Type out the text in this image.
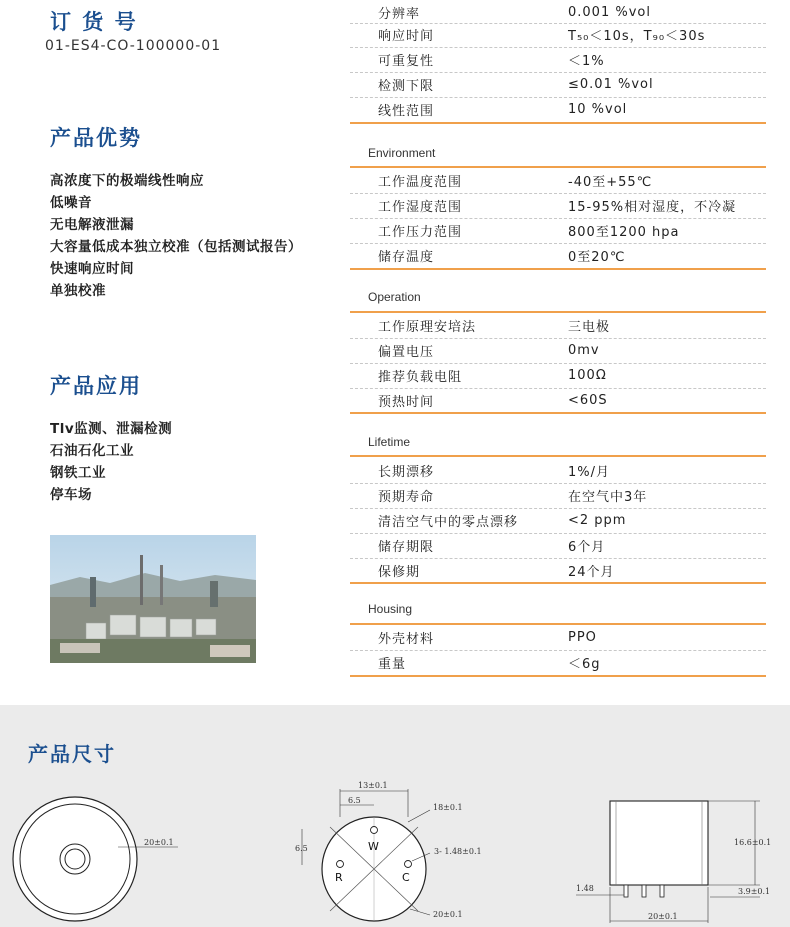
订 货 号
01-ES4-CO-100000-01
产品优势
高浓度下的极端线性响应
低噪音
无电解液泄漏
大容量低成本独立校准（包括测试报告）
快速响应时间
单独校准
产品应用
Tlv监测、泄漏检测
石油石化工业
钢铁工业
停车场
分辨率	0.001 %vol
响应时间	T₅₀＜10s，T₉₀＜30s
可重复性	＜1%
检测下限	≤0.01 %vol
线性范围	10 %vol
Environment
工作温度范围	-40至+55℃
工作湿度范围	15-95%相对湿度，不冷凝
工作压力范围	800至1200 hpa
储存温度	0至20℃
Operation
工作原理安培法	三电极
偏置电压	0mv
推荐负载电阻	100Ω
预热时间	<60S
Lifetime
长期漂移	1%/月
预期寿命	在空气中3年
清洁空气中的零点漂移	<2 ppm
储存期限	6个月
保修期	24个月
Housing
外壳材料	PPO
重量	＜6g
产品尺寸
20±0.1
13±0.1
6.5
6.5	W
R	C
18±0.1
3- 1.48±0.1
20±0.1
16.6±0.1
1.48	3.9±0.1
20±0.1
